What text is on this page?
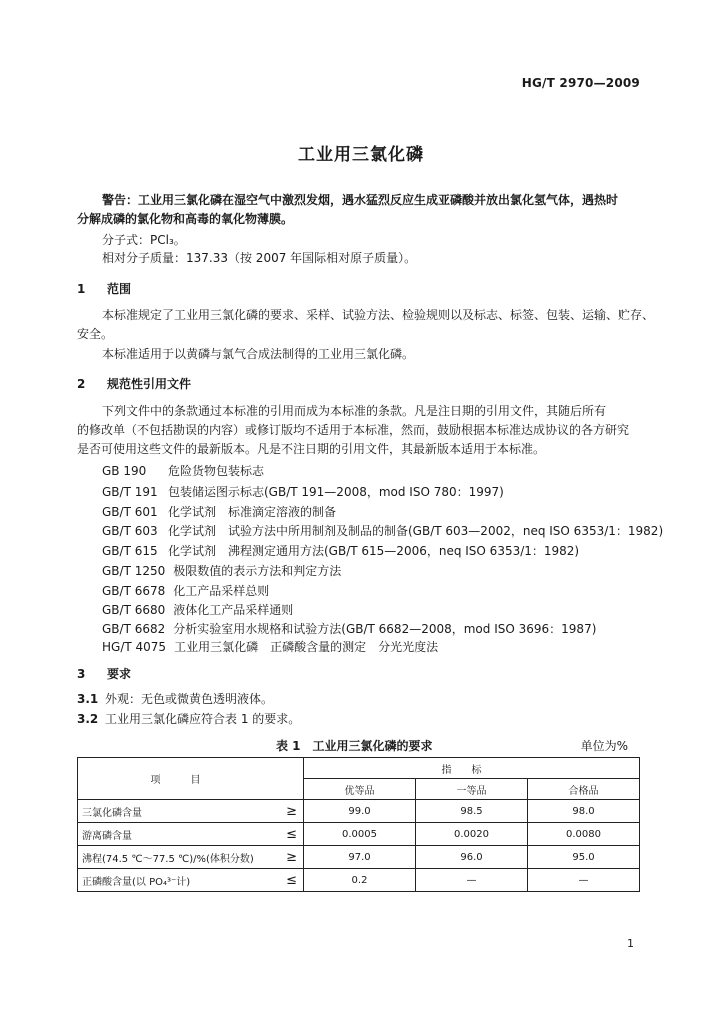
HG/T 2970—2009
工业用三氯化磷
警告：工业用三氯化磷在湿空气中激烈发烟，遇水猛烈反应生成亚磷酸并放出氯化氢气体，遇热时
分解成磷的氯化物和高毒的氧化物薄膜。
分子式：PCl₃。
相对分子质量：137.33（按 2007 年国际相对原子质量）。
1 范围
本标准规定了工业用三氯化磷的要求、采样、试验方法、检验规则以及标志、标签、包装、运输、贮存、
安全。
本标准适用于以黄磷与氯气合成法制得的工业用三氯化磷。
2 规范性引用文件
下列文件中的条款通过本标准的引用而成为本标准的条款。凡是注日期的引用文件，其随后所有
的修改单（不包括勘误的内容）或修订版均不适用于本标准，然而，鼓励根据本标准达成协议的各方研究
是否可使用这些文件的最新版本。凡是不注日期的引用文件，其最新版本适用于本标准。
GB 190 危险货物包装标志
GB/T 191 包装储运图示标志(GB/T 191—2008，mod ISO 780：1997)
GB/T 601 化学试剂　标准滴定溶液的制备
GB/T 603 化学试剂　试验方法中所用制剂及制品的制备(GB/T 603—2002，neq ISO 6353/1：1982)
GB/T 615 化学试剂　沸程测定通用方法(GB/T 615—2006，neq ISO 6353/1：1982)
GB/T 1250 极限数值的表示方法和判定方法
GB/T 6678 化工产品采样总则
GB/T 6680 液体化工产品采样通则
GB/T 6682 分析实验室用水规格和试验方法(GB/T 6682—2008，mod ISO 3696：1987)
HG/T 4075 工业用三氯化磷　正磷酸含量的测定　分光光度法
3 要求
3.1 外观：无色或微黄色透明液体。
3.2 工业用三氯化磷应符合表 1 的要求。
表 1　工业用三氯化磷的要求	单位为%
项目		指标		
		优等品	一等品	合格品
三氯化磷含量	≥	99.0	98.5	98.0
游离磷含量	≤	0.0005	0.0020	0.0080
沸程(74.5 ℃～77.5 ℃)/%(体积分数)	≥	97.0	96.0	95.0
正磷酸含量(以 PO₄³⁻计)	≤	0.2	—	—
1
